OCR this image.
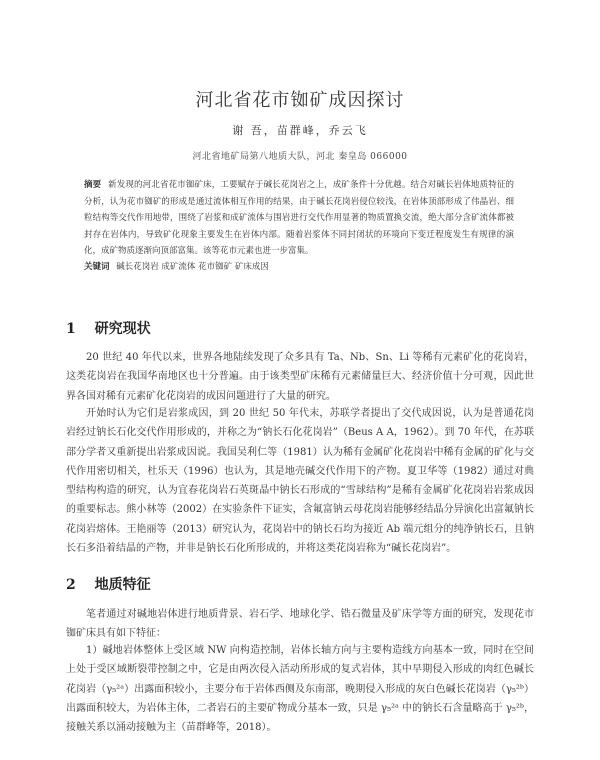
河北省花市铷矿成因探讨
谢 吾，苗群峰，乔云飞
河北省地矿局第八地质大队，河北 秦皇岛 066000
摘要 新发现的河北省花市铷矿床，工要赋存于碱长花岗岩之上，成矿条件十分优越。结合对碱长岩体地质特征的分析，认为花市铷矿的形成是通过流体相互作用的结果，由于碱长花岗岩侵位较浅，在岩体顶部形成了伟晶岩、细粒结构等交代作用地带，围绕了岩浆和成矿流体与围岩进行交代作用显著的物质置换交流，绝大部分含矿流体都被封存在岩体内，导致矿化现象主要发生在岩体内部。随着岩浆体不同封闭状的环境向下变迁程度发生有规律的演化，成矿物质逐渐向顶部富集。该等花市元素也进一步富集。
关键词 碱长花岗岩 成矿流体 花市铷矿 矿床成因
1 研究现状
20 世纪 40 年代以来，世界各地陆续发现了众多具有 Ta、Nb、Sn、Li 等稀有元素矿化的花岗岩，这类花岗岩在我国华南地区也十分普遍。由于该类型矿床稀有元素储量巨大、经济价值十分可观，因此世界各国对稀有元素矿化花岗岩的成因问题进行了大量的研究。
开始时认为它们是岩浆成因，到 20 世纪 50 年代末，苏联学者提出了交代成因说，认为是普通花岗岩经过钠长石化交代作用形成的，并称之为“钠长石化花岗岩”（Beus A A，1962）。到 70 年代，在苏联部分学者又重新提出岩浆成因说。我国吴利仁等（1981）认为稀有金属矿化花岗岩中稀有金属的矿化与交代作用密切相关，杜乐天（1996）也认为，其是地壳碱交代作用下的产物。夏卫华等（1982）通过对典型结构构造的研究，认为宜春花岗岩石英斑晶中钠长石形成的“雪球结构”是稀有金属矿化花岗岩岩浆成因的重要标志。熊小林等（2002）在实验条件下证实，含氟富钠云母花岗岩能够经结晶分异演化出富氟钠长花岗岩熔体。王艳丽等（2013）研究认为，花岗岩中的钠长石均为接近 Ab 端元组分的纯净钠长石，且钠长石多沿着结晶的产物，并非是钠长石化所形成的，并将这类花岗岩称为“碱长花岗岩”。
2 地质特征
笔者通过对碱地岩体进行地质背景、岩石学、地球化学、锆石微量及矿床学等方面的研究，发现花市铷矿床具有如下特征：
1）碱地岩体整体上受区域 NW 向构造控制，岩体长轴方向与主要构造线方向基本一致，同时在空间上处于受区域断裂带控制之中，它是由两次侵入活动所形成的复式岩体，其中早期侵入形成的肉红色碱长花岗岩（γ₅²ᵃ）出露面积较小，主要分布于岩体西侧及东南部，晚期侵入形成的灰白色碱长花岗岩（γ₅²ᵇ）出露面积较大，为岩体主体，二者岩石的主要矿物成分基本一致，只是 γ₅²ᵃ 中的钠长石含量略高于 γ₅²ᵇ，接触关系以涌动接触为主（苗群峰等，2018）。
